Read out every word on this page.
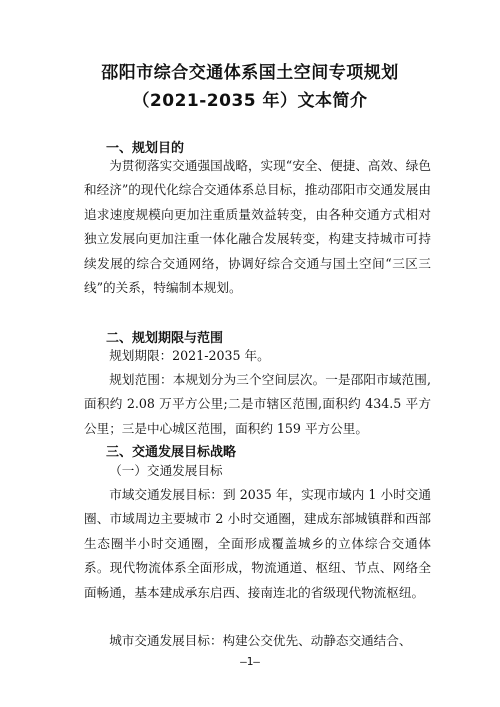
邵阳市综合交通体系国土空间专项规划
（2021-2035 年）文本简介
一、规划目的
为贯彻落实交通强国战略，实现“安全、便捷、高效、绿色和经济”的现代化综合交通体系总目标，推动邵阳市交通发展由追求速度规模向更加注重质量效益转变，由各种交通方式相对独立发展向更加注重一体化融合发展转变，构建支持城市可持续发展的综合交通网络，协调好综合交通与国土空间“三区三线”的关系，特编制本规划。
二、规划期限与范围
规划期限：2021-2035 年。
规划范围：本规划分为三个空间层次。一是邵阳市域范围,面积约 2.08 万平方公里;二是市辖区范围,面积约 434.5 平方公里；三是中心城区范围，面积约 159 平方公里。
三、交通发展目标战略
（一）交通发展目标
市域交通发展目标：到 2035 年，实现市域内 1 小时交通圈、市域周边主要城市 2 小时交通圈，建成东部城镇群和西部生态圈半小时交通圈，全面形成覆盖城乡的立体综合交通体系。现代物流体系全面形成，物流通道、枢纽、节点、网络全面畅通，基本建成承东启西、接南连北的省级现代物流枢纽。
城市交通发展目标：构建公交优先、动静态交通结合、
—1—
